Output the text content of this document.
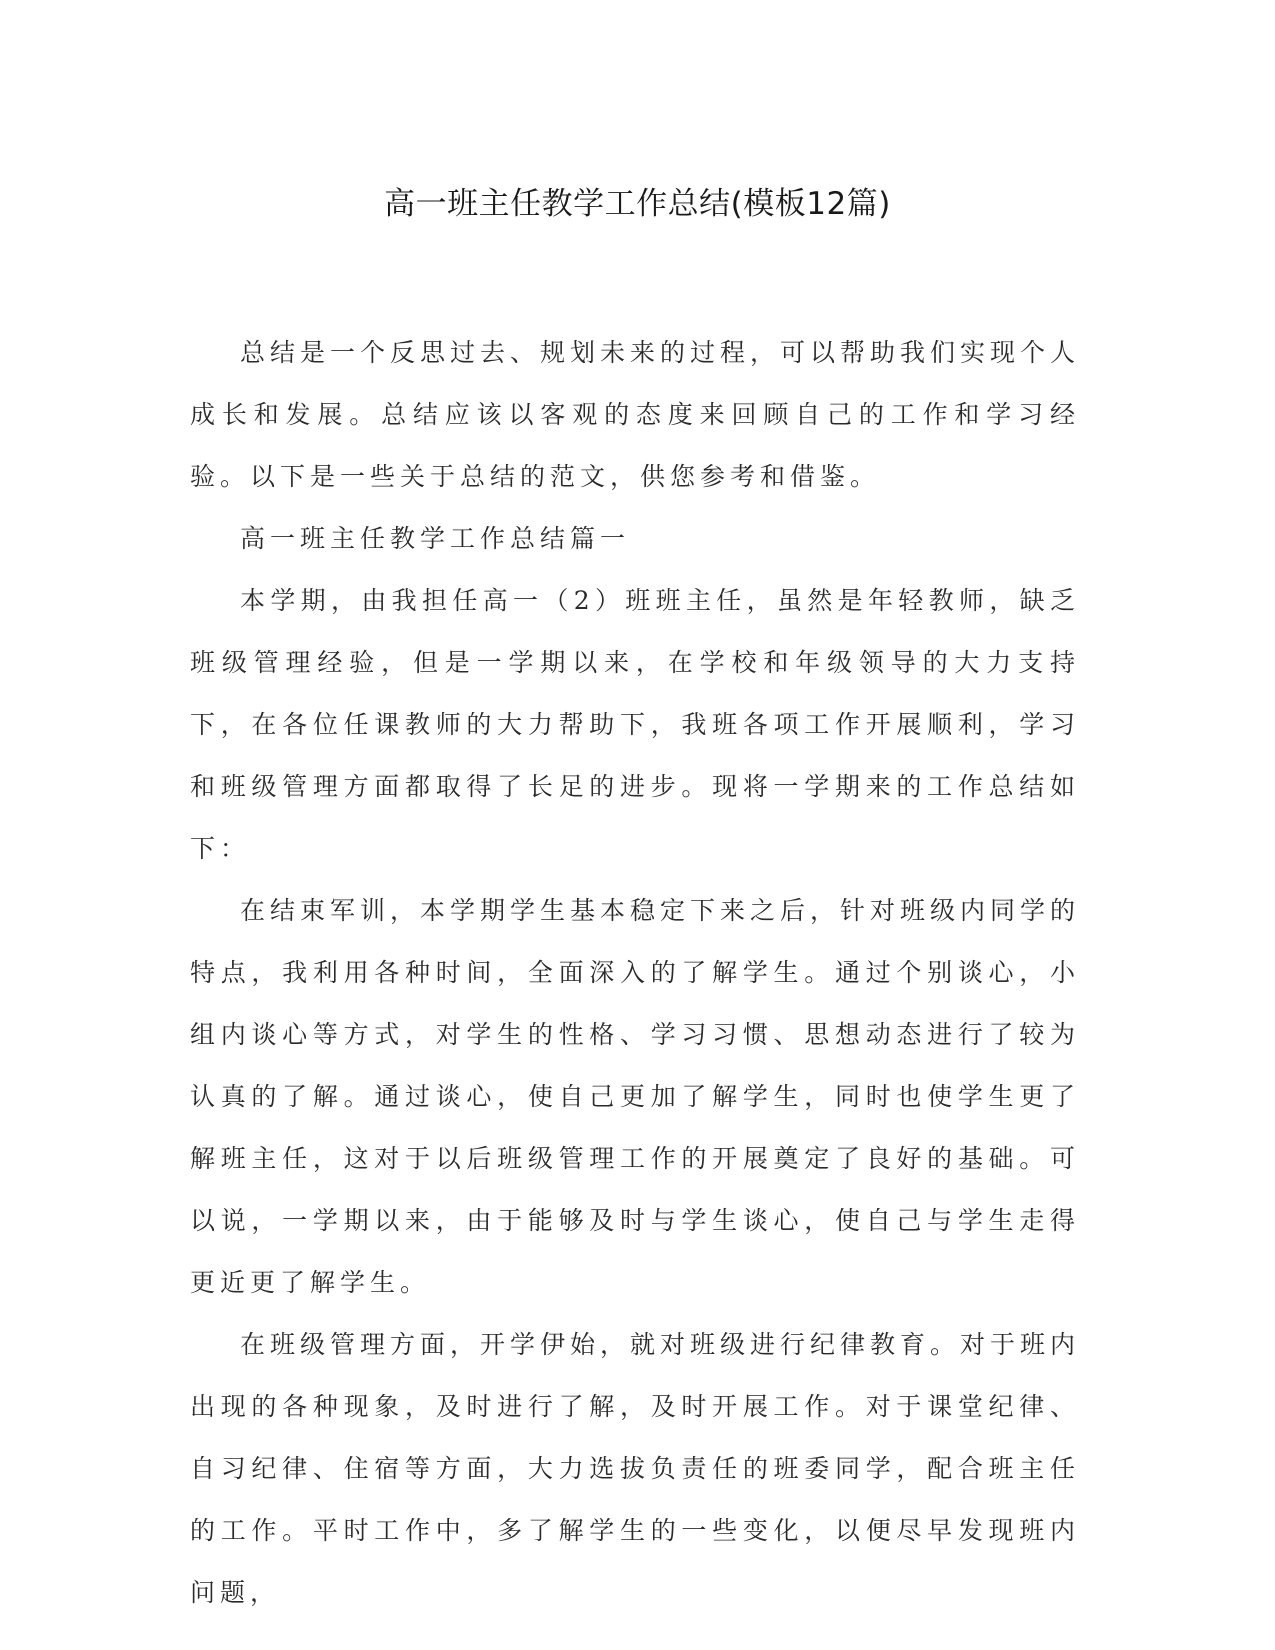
高一班主任教学工作总结(模板12篇)

总结是一个反思过去、规划未来的过程，可以帮助我们实现个人成长和发展。总结应该以客观的态度来回顾自己的工作和学习经验。以下是一些关于总结的范文，供您参考和借鉴。

高一班主任教学工作总结篇一

本学期，由我担任高一（2）班班主任，虽然是年轻教师，缺乏班级管理经验，但是一学期以来，在学校和年级领导的大力支持下，在各位任课教师的大力帮助下，我班各项工作开展顺利，学习和班级管理方面都取得了长足的进步。现将一学期来的工作总结如下：

在结束军训，本学期学生基本稳定下来之后，针对班级内同学的特点，我利用各种时间，全面深入的了解学生。通过个别谈心，小组内谈心等方式，对学生的性格、学习习惯、思想动态进行了较为认真的了解。通过谈心，使自己更加了解学生，同时也使学生更了解班主任，这对于以后班级管理工作的开展奠定了良好的基础。可以说，一学期以来，由于能够及时与学生谈心，使自己与学生走得更近更了解学生。

在班级管理方面，开学伊始，就对班级进行纪律教育。对于班内出现的各种现象，及时进行了解，及时开展工作。对于课堂纪律、自习纪律、住宿等方面，大力选拔负责任的班委同学，配合班主任的工作。平时工作中，多了解学生的一些变化，以便尽早发现班内问题，
